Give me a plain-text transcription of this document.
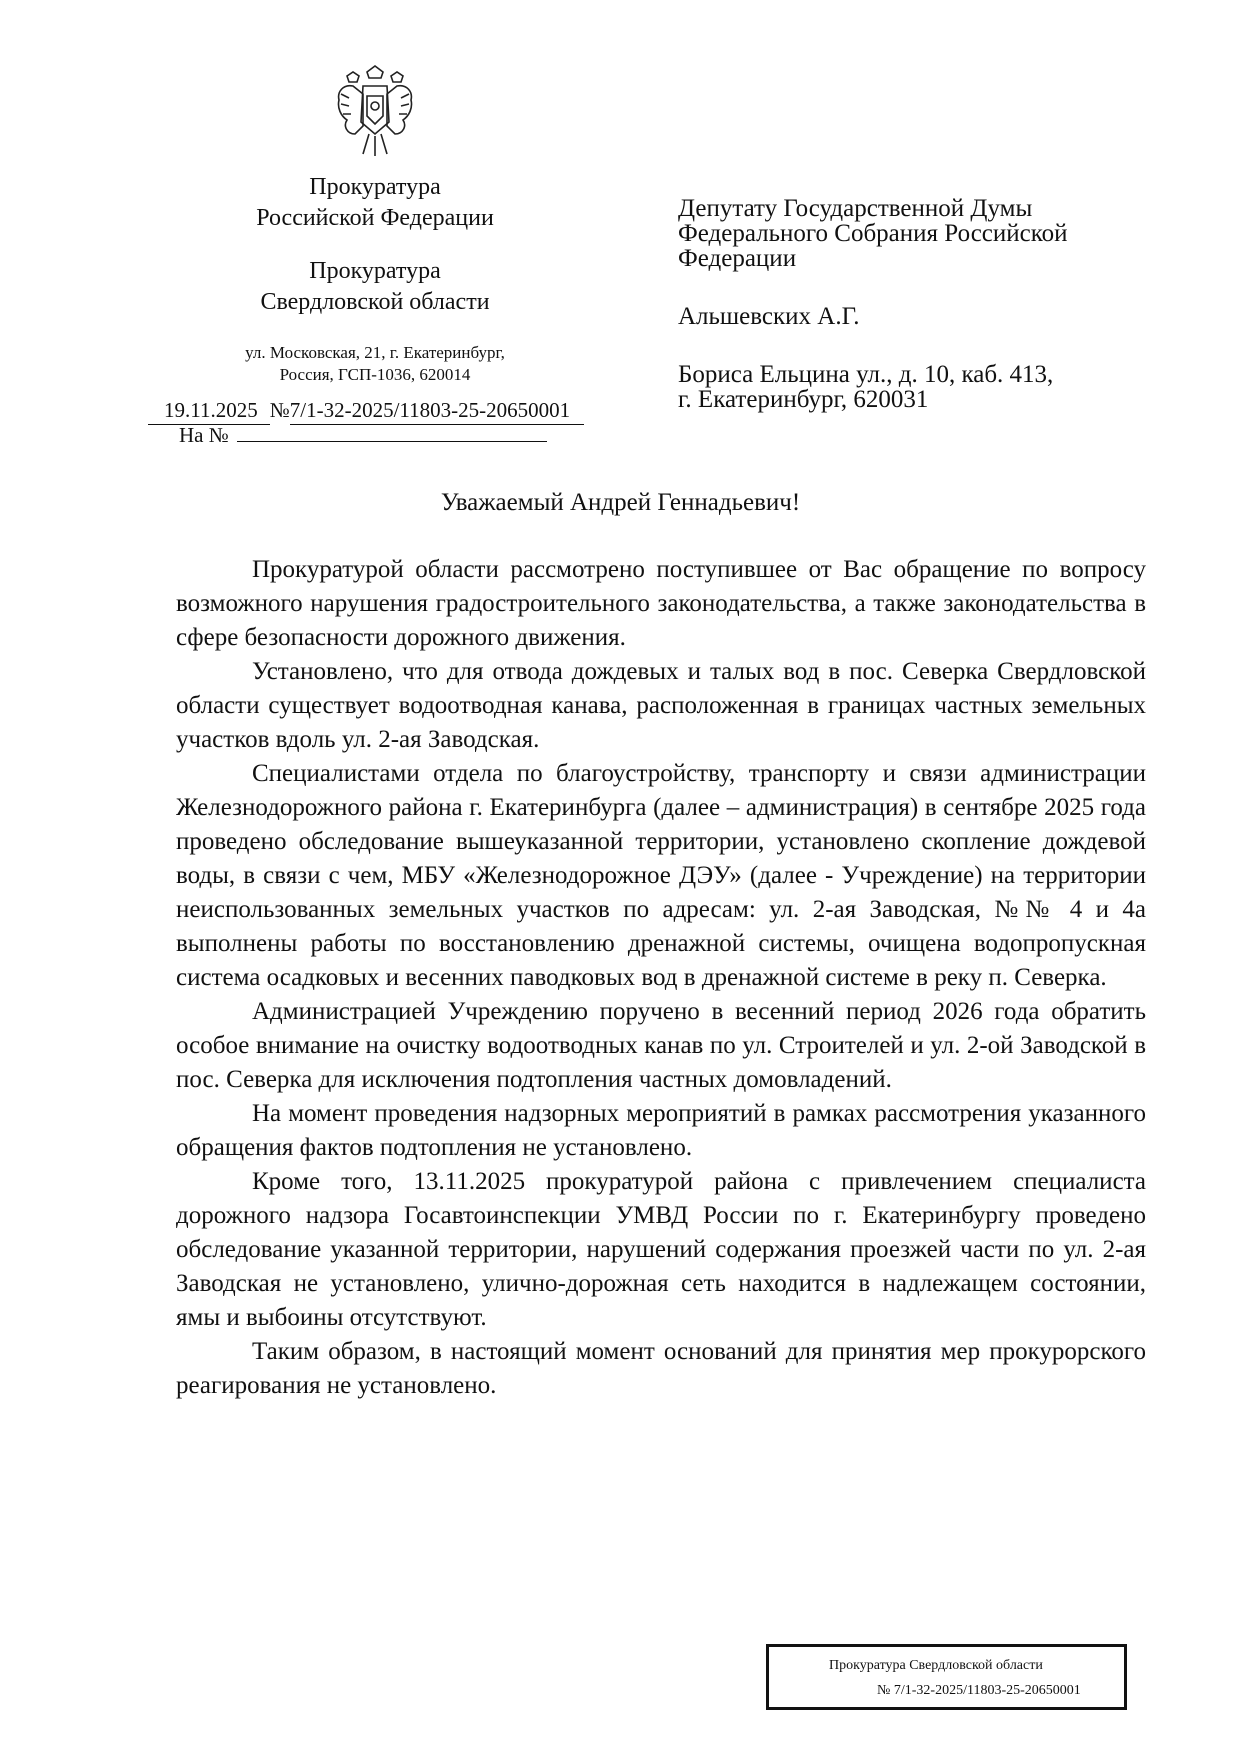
Прокуратура
Российской Федерации
Прокуратура
Свердловской области
ул. Московская, 21, г. Екатеринбург,
Россия, ГСП-1036, 620014
19.11.2025 №7/1-32-2025/11803-25-20650001
На №
Депутату Государственной Думы
Федерального Собрания Российской
Федерации
Альшевских А.Г.
Бориса Ельцина ул., д. 10, каб. 413,
г. Екатеринбург, 620031
Уважаемый Андрей Геннадьевич!

Прокуратурой области рассмотрено поступившее от Вас обращение по вопросу возможного нарушения градостроительного законодательства, а также законодательства в сфере безопасности дорожного движения.

Установлено, что для отвода дождевых и талых вод в пос. Северка Свердловской области существует водоотводная канава, расположенная в границах частных земельных участков вдоль ул. 2-ая Заводская.

Специалистами отдела по благоустройству, транспорту и связи администрации Железнодорожного района г. Екатеринбурга (далее – администрация) в сентябре 2025 года проведено обследование вышеуказанной территории, установлено скопление дождевой воды, в связи с чем, МБУ «Железнодорожное ДЭУ» (далее - Учреждение) на территории неиспользованных земельных участков по адресам: ул. 2-ая Заводская, №№ 4 и 4а выполнены работы по восстановлению дренажной системы, очищена водопропускная система осадковых и весенних паводковых вод в дренажной системе в реку п. Северка.

Администрацией Учреждению поручено в весенний период 2026 года обратить особое внимание на очистку водоотводных канав по ул. Строителей и ул. 2-ой Заводской в пос. Северка для исключения подтопления частных домовладений.

На момент проведения надзорных мероприятий в рамках рассмотрения указанного обращения фактов подтопления не установлено.

Кроме того, 13.11.2025 прокуратурой района с привлечением специалиста дорожного надзора Госавтоинспекции УМВД России по г. Екатеринбургу проведено обследование указанной территории, нарушений содержания проезжей части по ул. 2-ая Заводская не установлено, улично-дорожная сеть находится в надлежащем состоянии, ямы и выбоины отсутствуют.

Таким образом, в настоящий момент оснований для принятия мер прокурорского реагирования не установлено.

Прокуратура Свердловской области
№ 7/1-32-2025/11803-25-20650001
